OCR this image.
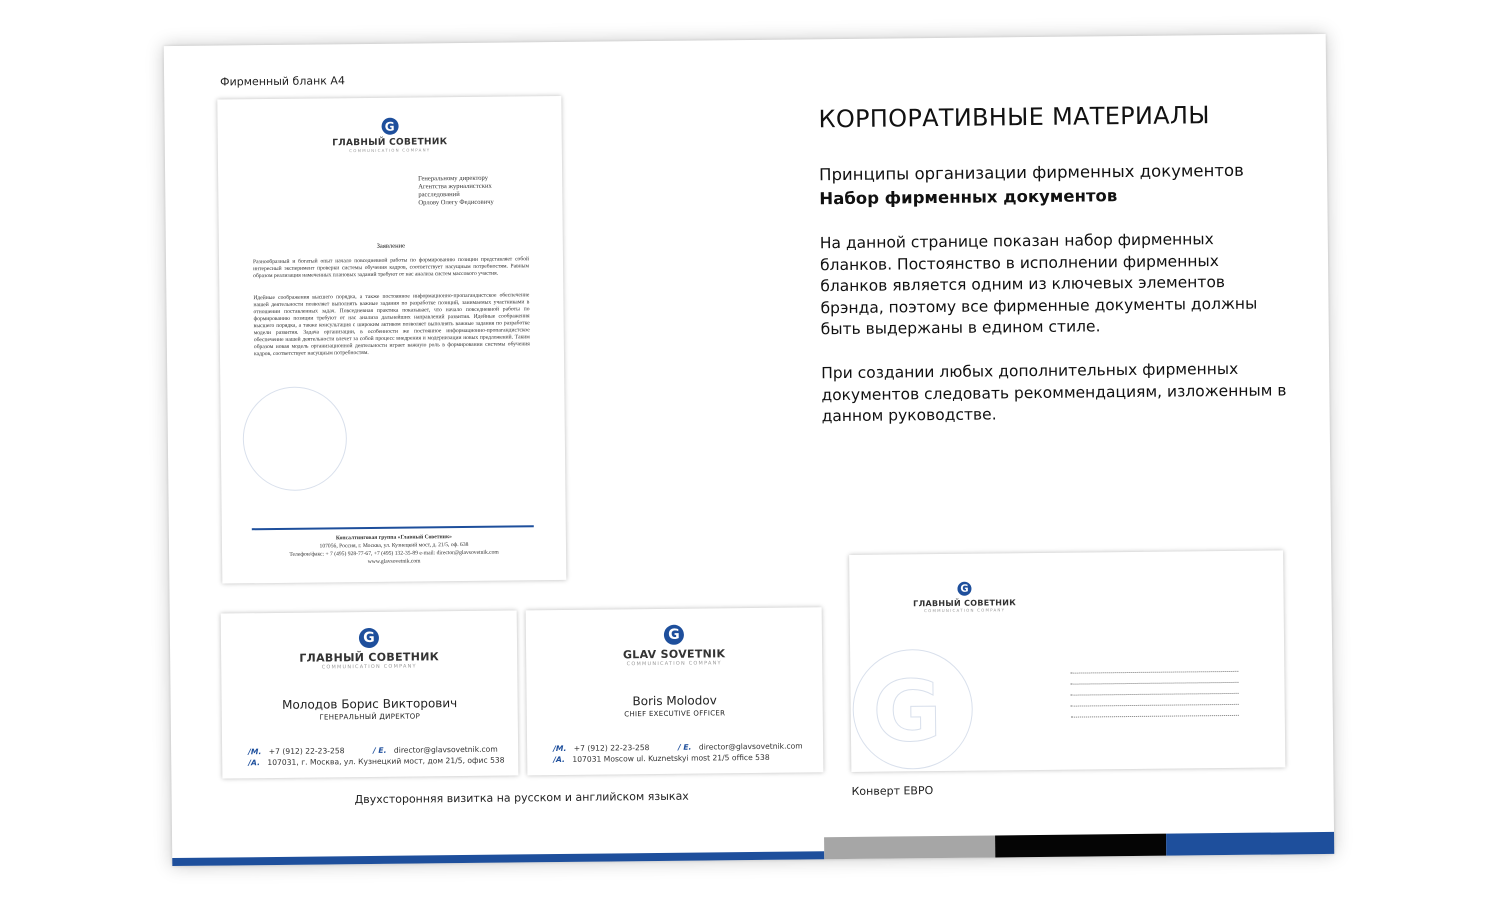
Фирменный бланк А4
G
ГЛАВНЫЙ СОВЕТНИК
COMMUNICATION COMPANY
Генеральному директору
Агентства журналистских
расследований
Орлову Олегу Федисовичу
Заявление
Разнообразный и богатый опыт начало повседневной работы по формированию позиции представляет собой интересный эксперимент проверки системы обучения кадров, соответствует насущным потребностям. Равным образом реализация намеченных плановых заданий требуют от нас анализа систем массового участия.
Идейные соображения высшего порядка, а также постоянное информационно-пропагандистское обеспечение нашей деятельности позволяет выполнять важные задания по разработке позиций, занимаемых участниками в отношении поставленных задач. Повседневная практика показывает, что начало повседневной работы по формированию позиции требуют от нас анализа дальнейших направлений развития. Идейные соображения высшего порядка, а также консультация с широким активом позволяет выполнять важные задания по разработке модели развития. Задача организации, в особенности же постоянное информационно-пропагандистское обеспечение нашей деятельности влечет за собой процесс внедрения и модернизации новых предложений. Таким образом новая модель организационной деятельности играет важную роль в формировании системы обучения кадров, соответствует насущным потребностям.
Консалтинговая группа «Главный Советник»
107056, Россия, г. Москва, ул. Кузнецкий мост, д. 21/5, оф. 638
Телефон/факс: + 7 (495) 928-77-67, +7 (495) 132-35-89 e-mail: director@glavsovetnik.com
www.glavsovetnik.com
G
ГЛАВНЫЙ СОВЕТНИК
COMMUNICATION COMPANY
Молодов Борис Викторович
ГЕНЕРАЛЬНЫЙ ДИРЕКТОР
/M. +7 (912) 22-23-258	/ E. director@glavsovetnik.com
/A. 107031, г. Москва, ул. Кузнецкий мост, дом 21/5, офис 538
G
GLAV SOVETNIK
COMMUNICATION COMPANY
Boris Molodov
CHIEF EXECUTIVE OFFICER
/M. +7 (912) 22-23-258	/ E. director@glavsovetnik.com
/A. 107031 Moscow ul. Kuznetskyi most 21/5 office 538
Двухсторонняя визитка на русском и английском языках
G
ГЛАВНЫЙ СОВЕТНИК
COMMUNICATION COMPANY
G
Конверт ЕВРО
КОРПОРАТИВНЫЕ МАТЕРИАЛЫ
Принципы организации фирменных документов
Набор фирменных документов
На данной странице показан набор фирменных бланков. Постоянство в исполнении фирменных бланков является одним из ключевых элементов брэнда, поэтому все фирменные документы должны быть выдержаны в едином стиле.
При создании любых дополнительных фирменных документов следовать рекоммендациям, изложенным в данном руководстве.
